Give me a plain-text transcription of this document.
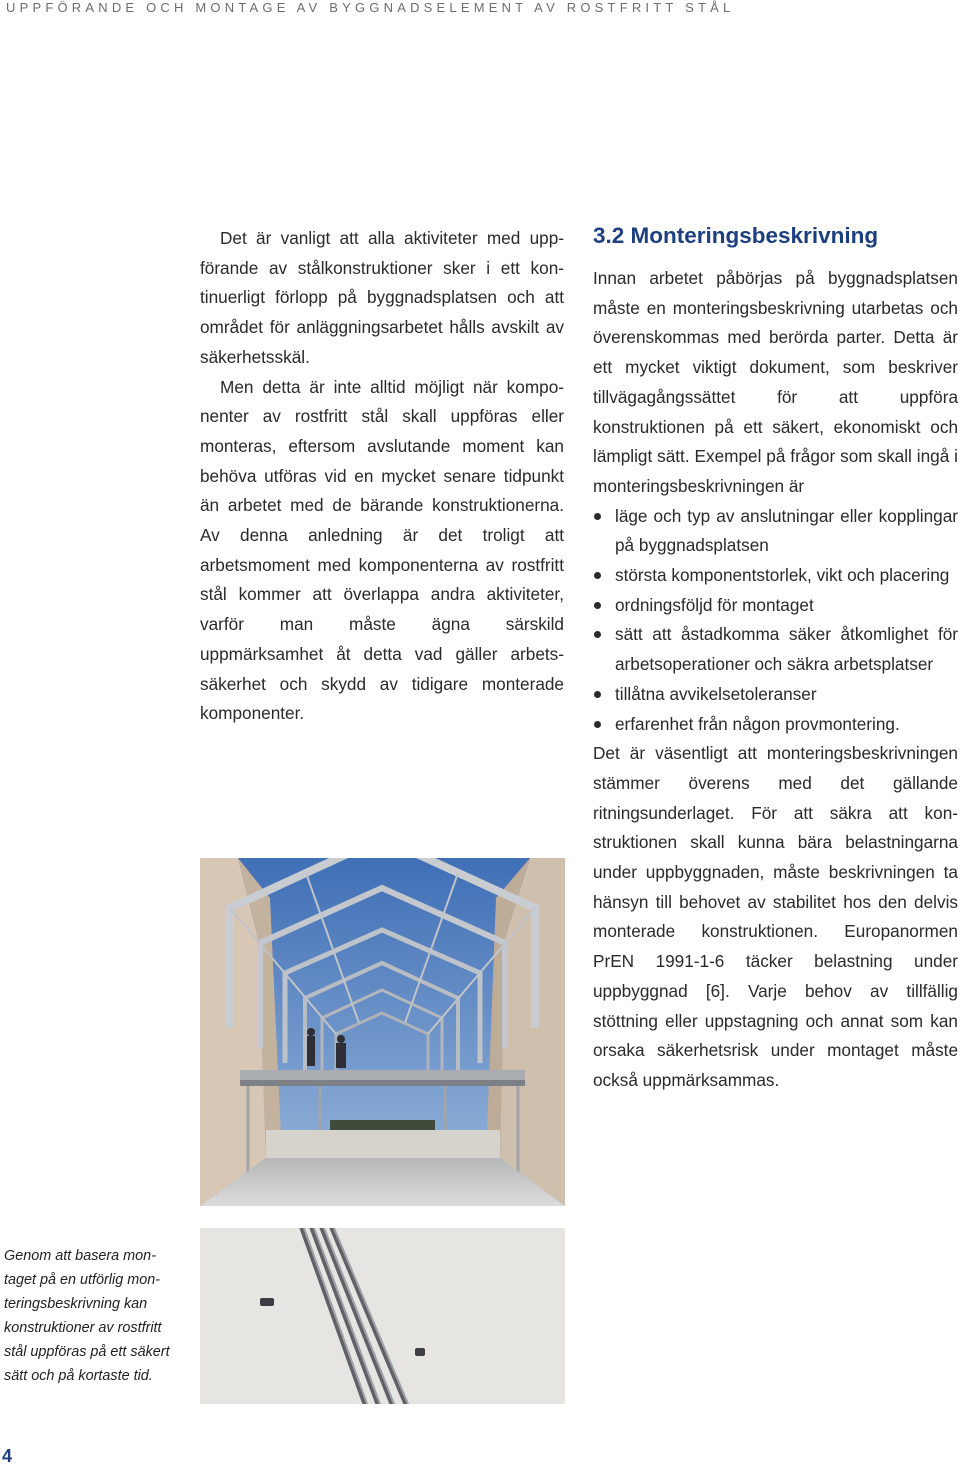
UPPFÖRANDE OCH MONTAGE AV BYGGNADSELEMENT AV ROSTFRITT STÅL

Det är vanligt att alla aktiviteter med uppförande av stålkonstruktioner sker i ett kontinuerligt förlopp på byggnadsplatsen och att området för anläggningsarbetet hålls avskilt av säkerhetsskäl.

Men detta är inte alltid möjligt när komponenter av rostfritt stål skall uppföras eller monteras, eftersom avslutande moment kan behöva utföras vid en mycket senare tidpunkt än arbetet med de bärande konstruktionerna. Av denna anledning är det troligt att arbetsmoment med komponenterna av rostfritt stål kommer att överlappa andra aktiviteter, varför man måste ägna särskild uppmärksamhet åt detta vad gäller arbetssäkerhet och skydd av tidigare monterade komponenter.

3.2 Monteringsbeskrivning

Innan arbetet påbörjas på byggnadsplatsen måste en monteringsbeskrivning utarbetas och överenskommas med berörda parter. Detta är ett mycket viktigt dokument, som beskriver tillvägagångssättet för att uppföra konstruktionen på ett säkert, ekonomiskt och lämpligt sätt. Exempel på frågor som skall ingå i monteringsbeskrivningen är

läge och typ av anslutningar eller kopplingar på byggnadsplatsen
största komponentstorlek, vikt och placering
ordningsföljd för montaget
sätt att åstadkomma säker åtkomlighet för arbetsoperationer och säkra arbetsplatser
tillåtna avvikelsetoleranser
erfarenhet från någon provmontering.

Det är väsentligt att monteringsbeskrivningen stämmer överens med det gällande ritningsunderlaget. För att säkra att konstruktionen skall kunna bära belastningarna under uppbyggnaden, måste beskrivningen ta hänsyn till behovet av stabilitet hos den delvis monterade konstruktionen. Europanormen PrEN 1991-1-6 täcker belastning under uppbyggnad [6]. Varje behov av tillfällig stöttning eller uppstagning och annat som kan orsaka säkerhetsrisk under montaget måste också uppmärksammas.

Genom att basera montaget på en utförlig monteringsbeskrivning kan konstruktioner av rostfritt stål uppföras på ett säkert sätt och på kortaste tid.
4
